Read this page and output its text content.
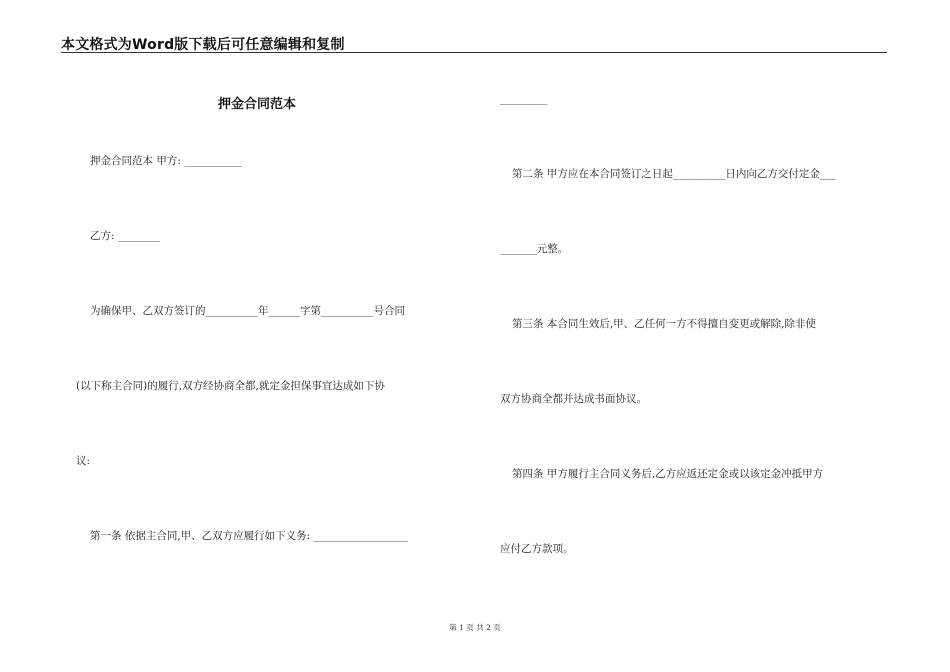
本文格式为Word版下载后可任意编辑和复制
押金合同范本
押金合同范本 甲方: ___________
乙方: ________
为确保甲、乙双方签订的__________年______字第__________号合同
(以下称主合同)的履行,双方经协商全都,就定金担保事宜达成如下协
议:
第一条 依据主合同,甲、乙双方应履行如下义务: __________________
_________
第二条 甲方应在本合同签订之日起__________日内向乙方交付定金___
_______元整。
第三条 本合同生效后,甲、乙任何一方不得擅自变更或解除,除非使
双方协商全都并达成书面协议。
第四条 甲方履行主合同义务后,乙方应返还定金或以该定金冲抵甲方
应付乙方款项。
第 1 页 共 2 页
